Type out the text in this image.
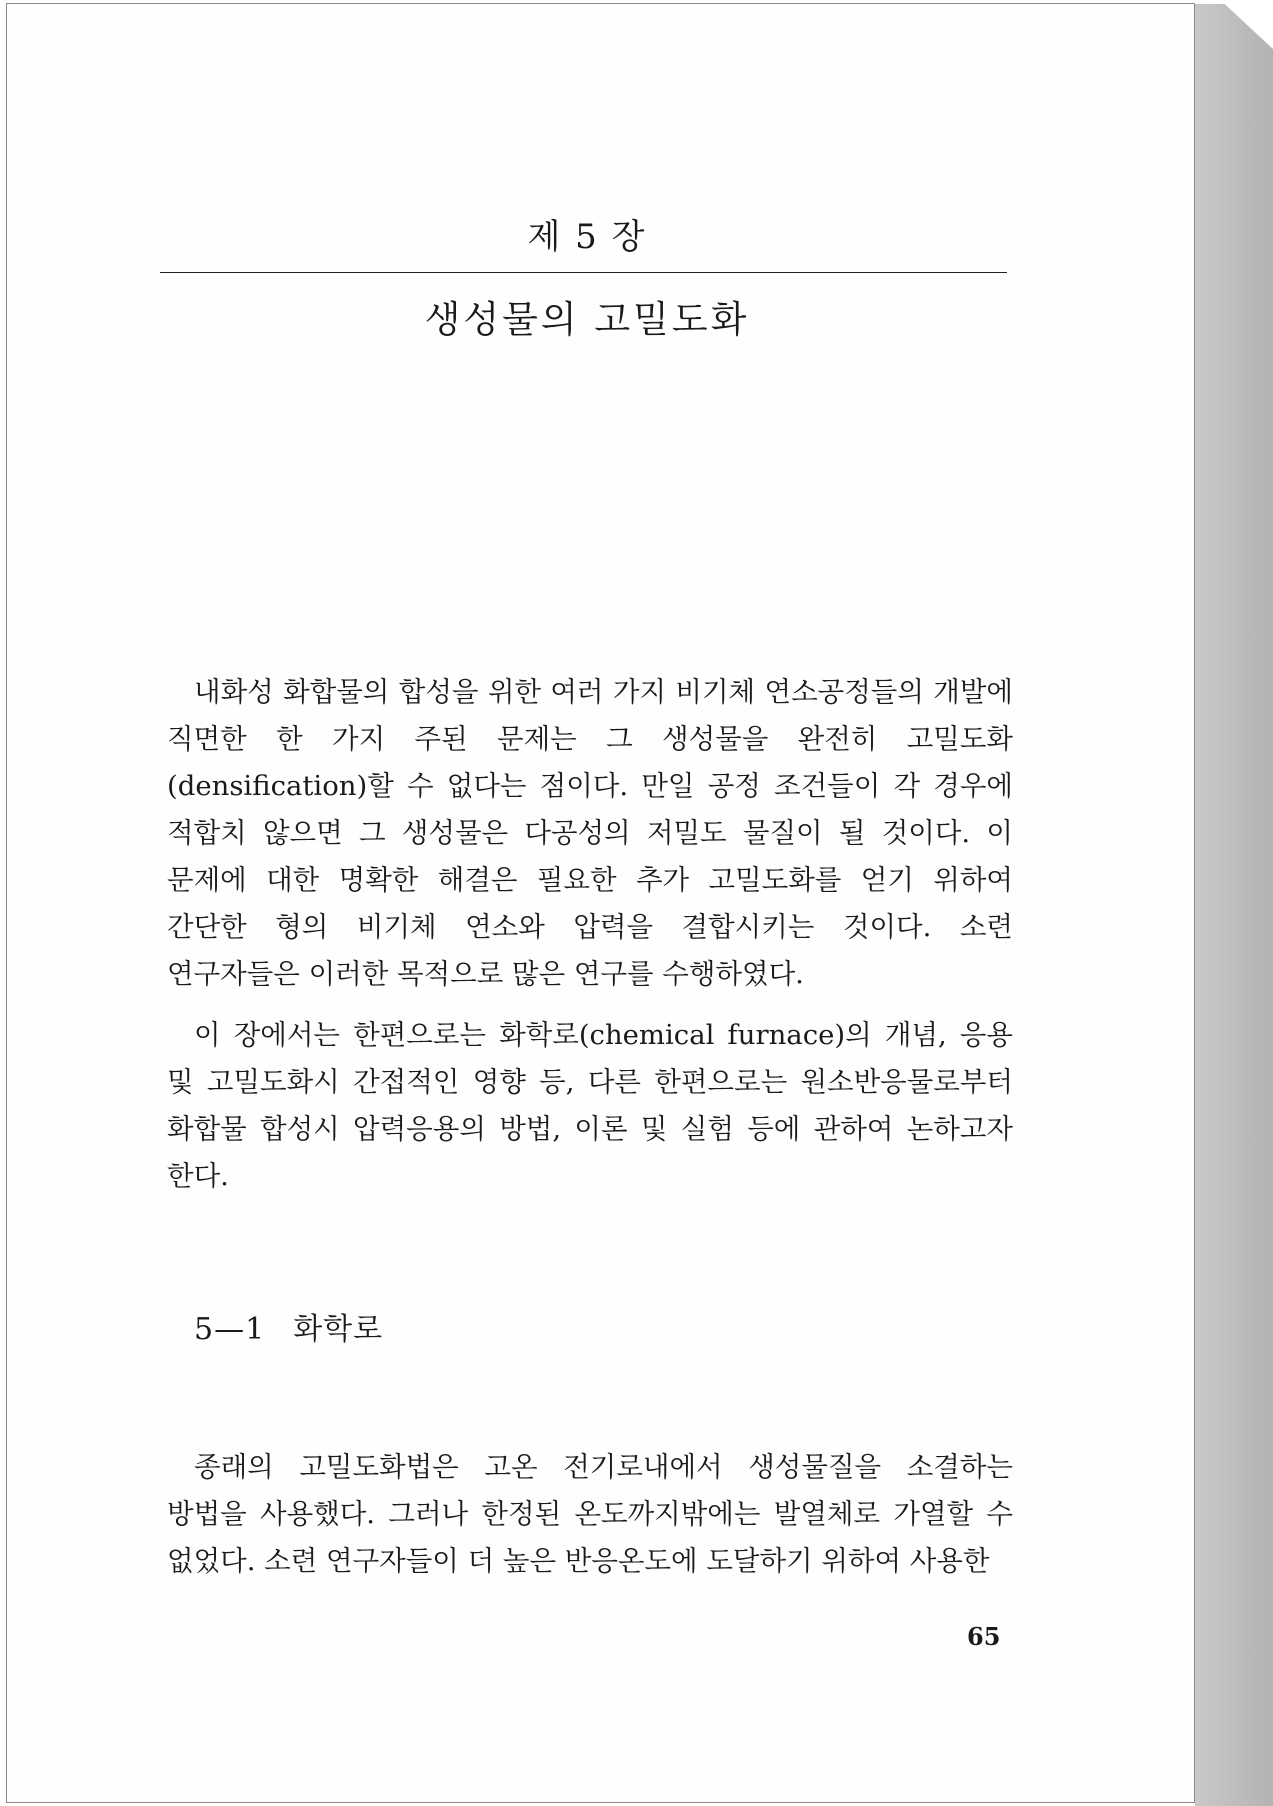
제 5 장
생성물의 고밀도화

내화성 화합물의 합성을 위한 여러 가지 비기체 연소공정들의 개발에 직면한 한 가지 주된 문제는 그 생성물을 완전히 고밀도화(densification)할 수 없다는 점이다. 만일 공정 조건들이 각 경우에 적합치 않으면 그 생성물은 다공성의 저밀도 물질이 될 것이다. 이 문제에 대한 명확한 해결은 필요한 추가 고밀도화를 얻기 위하여 간단한 형의 비기체 연소와 압력을 결합시키는 것이다. 소련 연구자들은 이러한 목적으로 많은 연구를 수행하였다.

이 장에서는 한편으로는 화학로(chemical furnace)의 개념, 응용 및 고밀도화시 간접적인 영향 등, 다른 한편으로는 원소반응물로부터 화합물 합성시 압력응용의 방법, 이론 및 실험 등에 관하여 논하고자 한다.

5—1 화학로

종래의 고밀도화법은 고온 전기로내에서 생성물질을 소결하는 방법을 사용했다. 그러나 한정된 온도까지밖에는 발열체로 가열할 수 없었다. 소련 연구자들이 더 높은 반응온도에 도달하기 위하여 사용한

65
